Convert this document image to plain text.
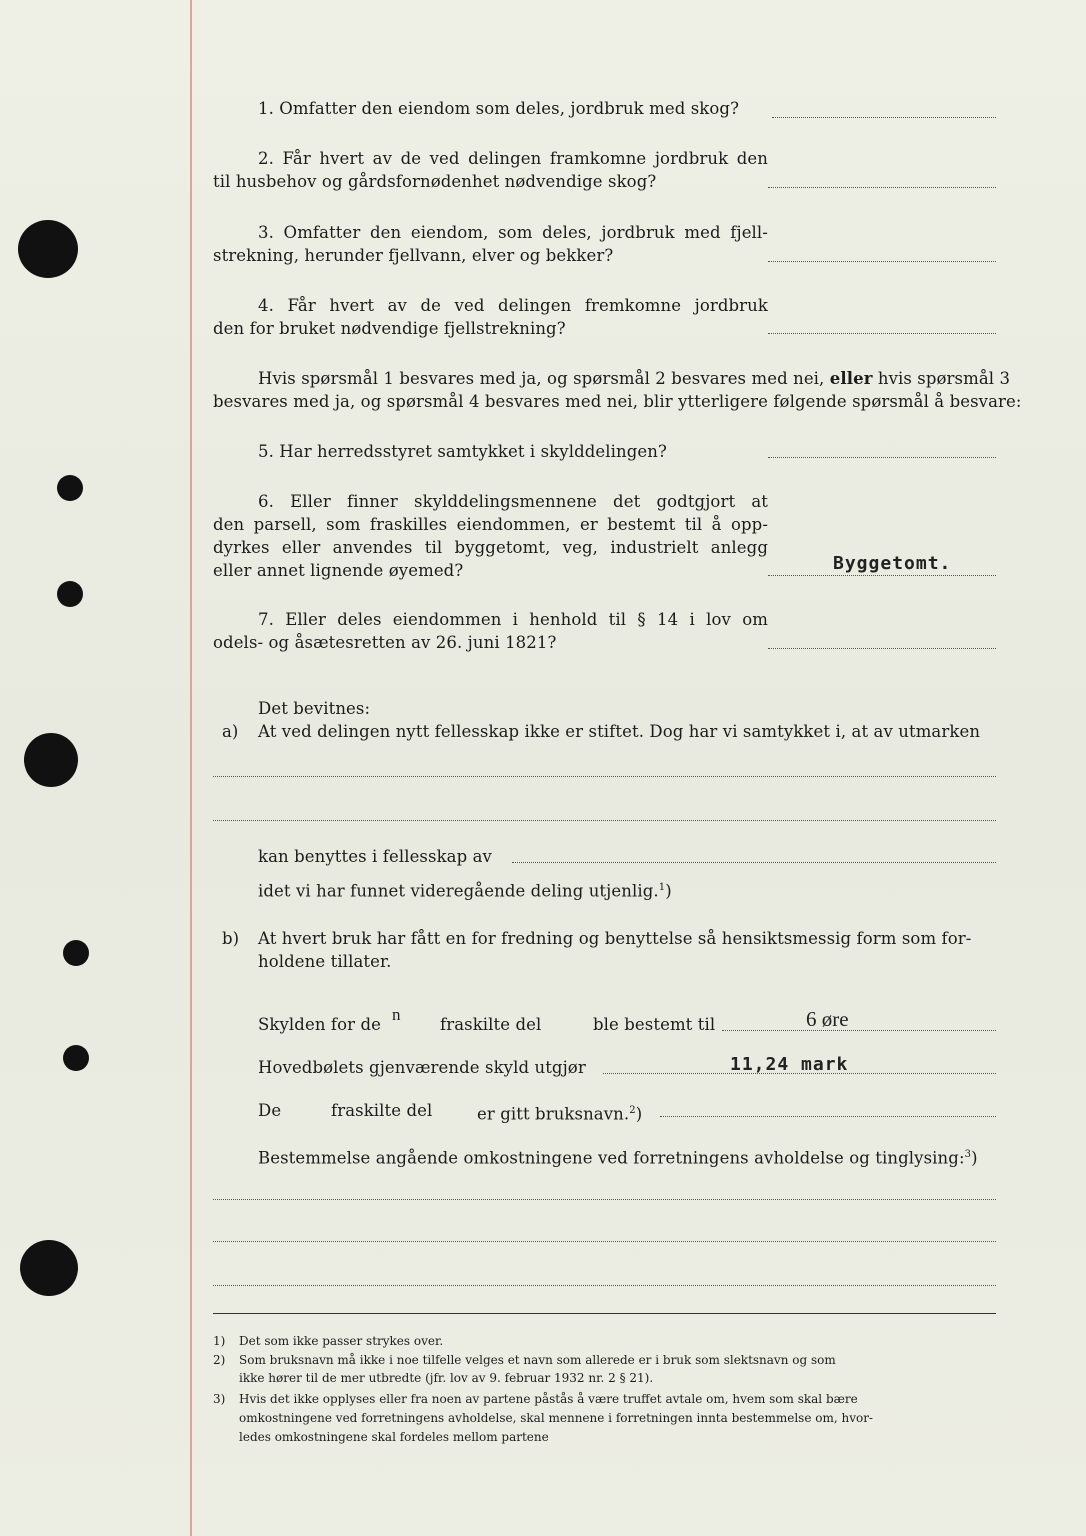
1. Omfatter den eiendom som deles, jordbruk med skog?
2. Får hvert av de ved delingen framkomne jordbruk den
til husbehov og gårdsfornødenhet nødvendige skog?
3. Omfatter den eiendom, som deles, jordbruk med fjell-
strekning, herunder fjellvann, elver og bekker?
4. Får hvert av de ved delingen fremkomne jordbruk
den for bruket nødvendige fjellstrekning?
Hvis spørsmål 1 besvares med ja, og spørsmål 2 besvares med nei, eller hvis spørsmål 3
besvares med ja, og spørsmål 4 besvares med nei, blir ytterligere følgende spørsmål å besvare:
5. Har herredsstyret samtykket i skylddelingen?
6. Eller finner skylddelingsmennene det godtgjort at
den parsell, som fraskilles eiendommen, er bestemt til å opp-
dyrkes eller anvendes til byggetomt, veg, industrielt anlegg
eller annet lignende øyemed?	Byggetomt.
7. Eller deles eiendommen i henhold til § 14 i lov om
odels- og åsætesretten av 26. juni 1821?
Det bevitnes:
a) At ved delingen nytt fellesskap ikke er stiftet. Dog har vi samtykket i, at av utmarken
kan benyttes i fellesskap av
idet vi har funnet videregående deling utjenlig.$^1$)
b) At hvert bruk har fått en for fredning og benyttelse så hensiktsmessig form som for-
holdene tillater.
Skylden for de
n
fraskilte del	ble bestemt til	6 øre
Hovedbølets gjenværende skyld utgjør	11,24 mark
De	fraskilte del	er gitt bruksnavn.$^2$)
Bestemmelse angående omkostningene ved forretningens avholdelse og tinglysing:$^3$)
1) Det som ikke passer strykes over.
2) Som bruksnavn må ikke i noe tilfelle velges et navn som allerede er i bruk som slektsnavn og som
ikke hører til de mer utbredte (jfr. lov av 9. februar 1932 nr. 2 § 21).
3) Hvis det ikke opplyses eller fra noen av partene påstås å være truffet avtale om, hvem som skal bære
omkostningene ved forretningens avholdelse, skal mennene i forretningen innta bestemmelse om, hvor-
ledes omkostningene skal fordeles mellom partene
